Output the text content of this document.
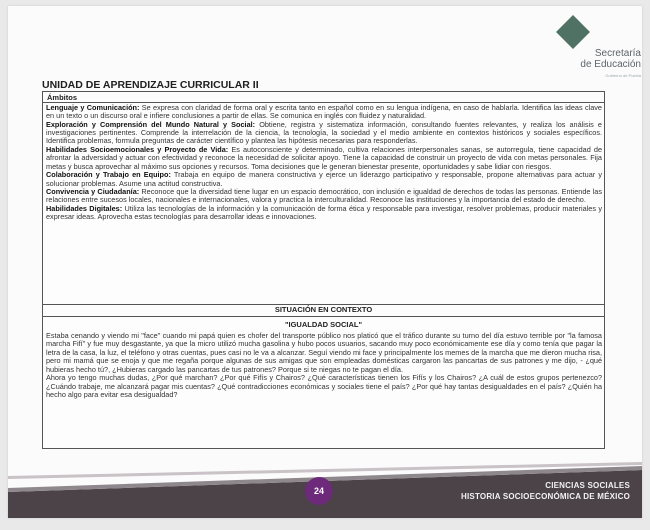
Secretaría
de Educación
Gobierno de Puebla
UNIDAD DE APRENDIZAJE CURRICULAR II
Ámbitos

Lenguaje y Comunicación: Se expresa con claridad de forma oral y escrita tanto en español como en su lengua indígena, en caso de hablarla. Identifica las ideas clave en un texto o un discurso oral e infiere conclusiones a partir de ellas. Se comunica en inglés con fluidez y naturalidad.

Exploración y Comprensión del Mundo Natural y Social: Obtiene, registra y sistematiza información, consultando fuentes relevantes, y realiza los análisis e investigaciones pertinentes. Comprende la interrelación de la ciencia, la tecnología, la sociedad y el medio ambiente en contextos históricos y sociales específicos. Identifica problemas, formula preguntas de carácter científico y plantea las hipótesis necesarias para responderlas.

Habilidades Socioemocionales y Proyecto de Vida: Es autoconsciente y determinado, cultiva relaciones interpersonales sanas, se autorregula, tiene capacidad de afrontar la adversidad y actuar con efectividad y reconoce la necesidad de solicitar apoyo. Tiene la capacidad de construir un proyecto de vida con metas personales. Fija metas y busca aprovechar al máximo sus opciones y recursos. Toma decisiones que le generan bienestar presente, oportunidades y sabe lidiar con riesgos.

Colaboración y Trabajo en Equipo: Trabaja en equipo de manera constructiva y ejerce un liderazgo participativo y responsable, propone alternativas para actuar y solucionar problemas. Asume una actitud constructiva.

Convivencia y Ciudadanía: Reconoce que la diversidad tiene lugar en un espacio democrático, con inclusión e igualdad de derechos de todas las personas. Entiende las relaciones entre sucesos locales, nacionales e internacionales, valora y practica la interculturalidad. Reconoce las instituciones y la importancia del estado de derecho.

Habilidades Digitales: Utiliza las tecnologías de la información y la comunicación de forma ética y responsable para investigar, resolver problemas, producir materiales y expresar ideas. Aprovecha estas tecnologías para desarrollar ideas e innovaciones.

SITUACIÓN EN CONTEXTO
"IGUALDAD SOCIAL"

Estaba cenando y viendo mi "face" cuando mi papá quien es chofer del transporte público nos platicó que el tráfico durante su turno del día estuvo terrible por "la famosa marcha Fifí" y fue muy desgastante, ya que la micro utilizó mucha gasolina y hubo pocos usuarios, sacando muy poco económicamente ese día y como tenía que pagar la letra de la casa, la luz, el teléfono y otras cuentas, pues casi no le va a alcanzar. Seguí viendo mi face y principalmente los memes de la marcha que me dieron mucha risa, pero mi mamá que se enoja y que me regaña porque algunas de sus amigas que son empleadas domésticas cargaron las pancartas de sus patrones y me dijo, - ¿qué hubieras hecho tú?, ¿Hubieras cargado las pancartas de tus patrones? Porque si te niegas no te pagan el día.

Ahora yo tengo muchas dudas, ¿Por qué marchan? ¿Por qué Fifís y Chairos? ¿Qué características tienen los Fifís y los Chairos? ¿A cuál de estos grupos pertenezco? ¿Cuándo trabaje, me alcanzará pagar mis cuentas? ¿Qué contradicciones económicas y sociales tiene el país? ¿Por qué hay tantas desigualdades en el país? ¿Quién ha hecho algo para evitar esa desigualdad?

24
CIENCIAS SOCIALES
HISTORIA SOCIOECONÓMICA DE MÉXICO
